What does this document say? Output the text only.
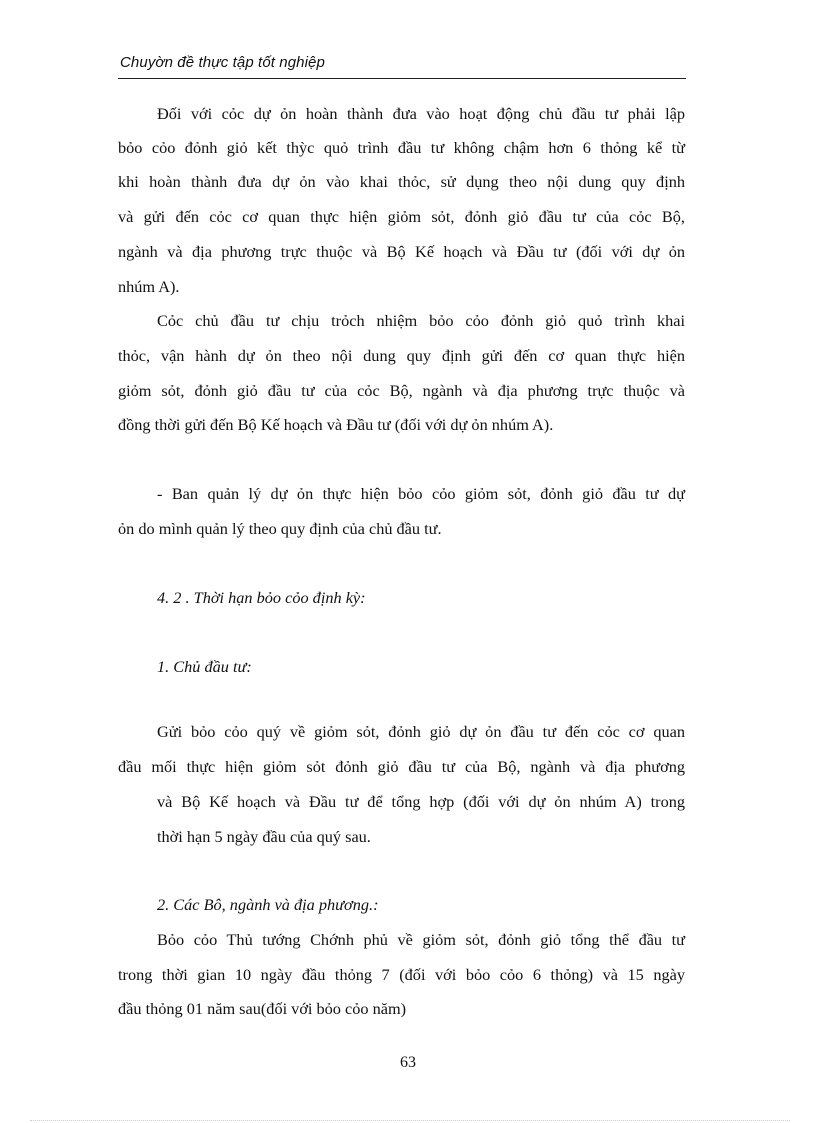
Chuyờn đề thực tập tốt nghiệp
Đối với cỏc dự ỏn hoàn thành đưa vào hoạt động chủ đầu tư phải lập
bỏo cỏo đỏnh giỏ kết thỳc quỏ trình đầu tư không chậm hơn 6 thỏng kể từ
khi hoàn thành đưa dự ỏn vào khai thỏc, sử dụng theo nội dung quy định
và gửi đến cỏc cơ quan thực hiện giỏm sỏt, đỏnh giỏ đầu tư của cỏc Bộ,
ngành và địa phương trực thuộc và Bộ Kế hoạch và Đầu tư (đối với dự ỏn
nhúm A).
Cỏc chủ đầu tư chịu trỏch nhiệm bỏo cỏo đỏnh giỏ quỏ trình khai
thỏc, vận hành dự ỏn theo nội dung quy định gửi đến cơ quan thực hiện
giỏm sỏt, đỏnh giỏ đầu tư của cỏc Bộ, ngành và địa phương trực thuộc và
đồng thời gửi đến Bộ Kế hoạch và Đầu tư (đối với dự ỏn nhúm A).
- Ban quản lý dự ỏn thực hiện bỏo cỏo giỏm sỏt, đỏnh giỏ đầu tư dự
ỏn do mình quản lý theo quy định của chủ đầu tư.
4. 2 . Thời hạn bỏo cỏo định kỳ:
1. Chủ đầu tư:
Gửi bỏo cỏo quý về giỏm sỏt, đỏnh giỏ dự ỏn đầu tư đến cỏc cơ quan
đầu mối thực hiện giỏm sỏt đỏnh giỏ đầu tư của Bộ, ngành và địa phương
và Bộ Kế hoạch và Đầu tư để tổng hợp (đối với dự ỏn nhúm A) trong
thời hạn 5 ngày đầu của quý sau.
2. Các Bô, ngành và địa phương.:
Bỏo cỏo Thủ tướng Chớnh phủ về giỏm sỏt, đỏnh giỏ tổng thể đầu tư
trong thời gian 10 ngày đầu thỏng 7 (đối với bỏo cỏo 6 thỏng) và 15 ngày
đầu thỏng 01 năm sau(đối với bỏo cỏo năm)
63
